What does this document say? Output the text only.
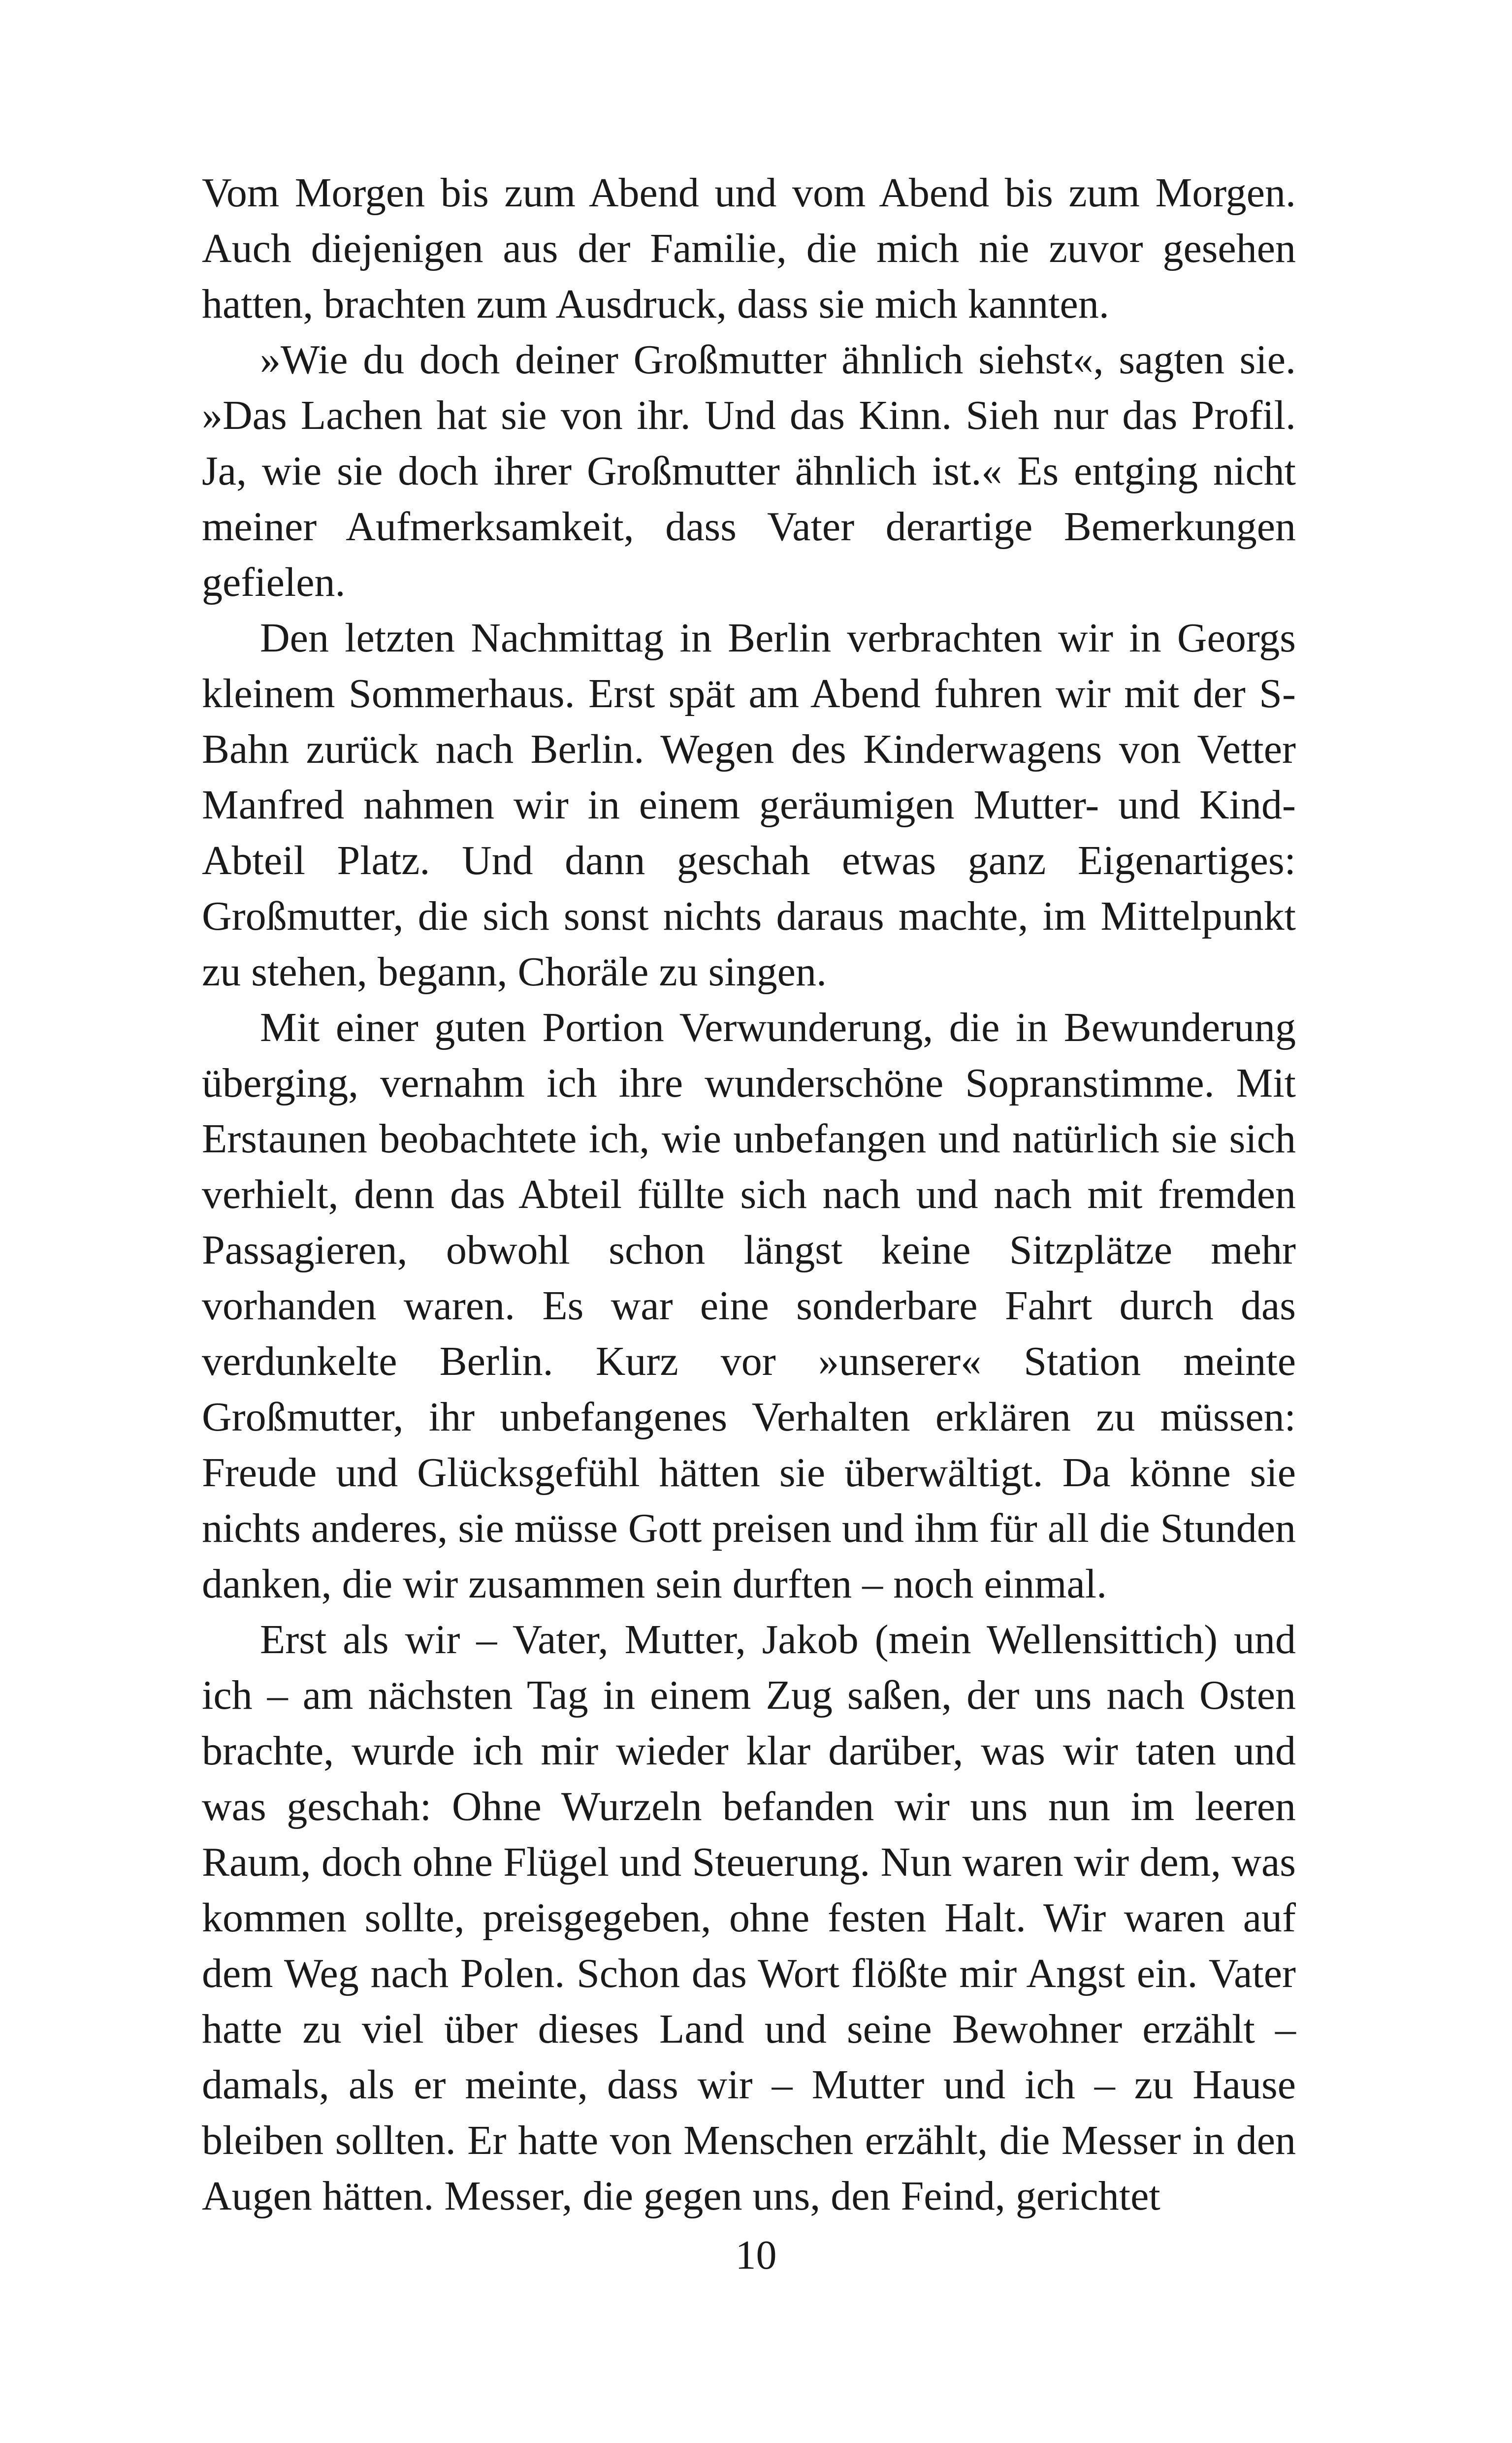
Vom Morgen bis zum Abend und vom Abend bis zum Morgen. Auch diejenigen aus der Familie, die mich nie zuvor gesehen hatten, brachten zum Ausdruck, dass sie mich kannten.

»Wie du doch deiner Großmutter ähnlich siehst«, sagten sie. »Das Lachen hat sie von ihr. Und das Kinn. Sieh nur das Profil. Ja, wie sie doch ihrer Großmutter ähnlich ist.« Es entging nicht meiner Aufmerksamkeit, dass Vater derartige Bemerkungen gefielen.

Den letzten Nachmittag in Berlin verbrachten wir in Georgs kleinem Sommerhaus. Erst spät am Abend fuhren wir mit der S-Bahn zurück nach Berlin. Wegen des Kinderwagens von Vetter Manfred nahmen wir in einem geräumigen Mutter- und Kind-Abteil Platz. Und dann geschah etwas ganz Eigenartiges: Großmutter, die sich sonst nichts daraus machte, im Mittelpunkt zu stehen, begann, Choräle zu singen.

Mit einer guten Portion Verwunderung, die in Bewunderung überging, vernahm ich ihre wunderschöne Sopranstimme. Mit Erstaunen beobachtete ich, wie unbefangen und natürlich sie sich verhielt, denn das Abteil füllte sich nach und nach mit fremden Passagieren, obwohl schon längst keine Sitzplätze mehr vorhanden waren. Es war eine sonderbare Fahrt durch das verdunkelte Berlin. Kurz vor »unserer« Station meinte Großmutter, ihr unbefangenes Verhalten erklären zu müssen: Freude und Glücksgefühl hätten sie überwältigt. Da könne sie nichts anderes, sie müsse Gott preisen und ihm für all die Stunden danken, die wir zusammen sein durften – noch einmal.

Erst als wir – Vater, Mutter, Jakob (mein Wellensittich) und ich – am nächsten Tag in einem Zug saßen, der uns nach Osten brachte, wurde ich mir wieder klar darüber, was wir taten und was geschah: Ohne Wurzeln befanden wir uns nun im leeren Raum, doch ohne Flügel und Steuerung. Nun waren wir dem, was kommen sollte, preisgegeben, ohne festen Halt. Wir waren auf dem Weg nach Polen. Schon das Wort flößte mir Angst ein. Vater hatte zu viel über dieses Land und seine Bewohner erzählt – damals, als er meinte, dass wir – Mutter und ich – zu Hause bleiben sollten. Er hatte von Menschen erzählt, die Messer in den Augen hätten. Messer, die gegen uns, den Feind, gerichtet

10
